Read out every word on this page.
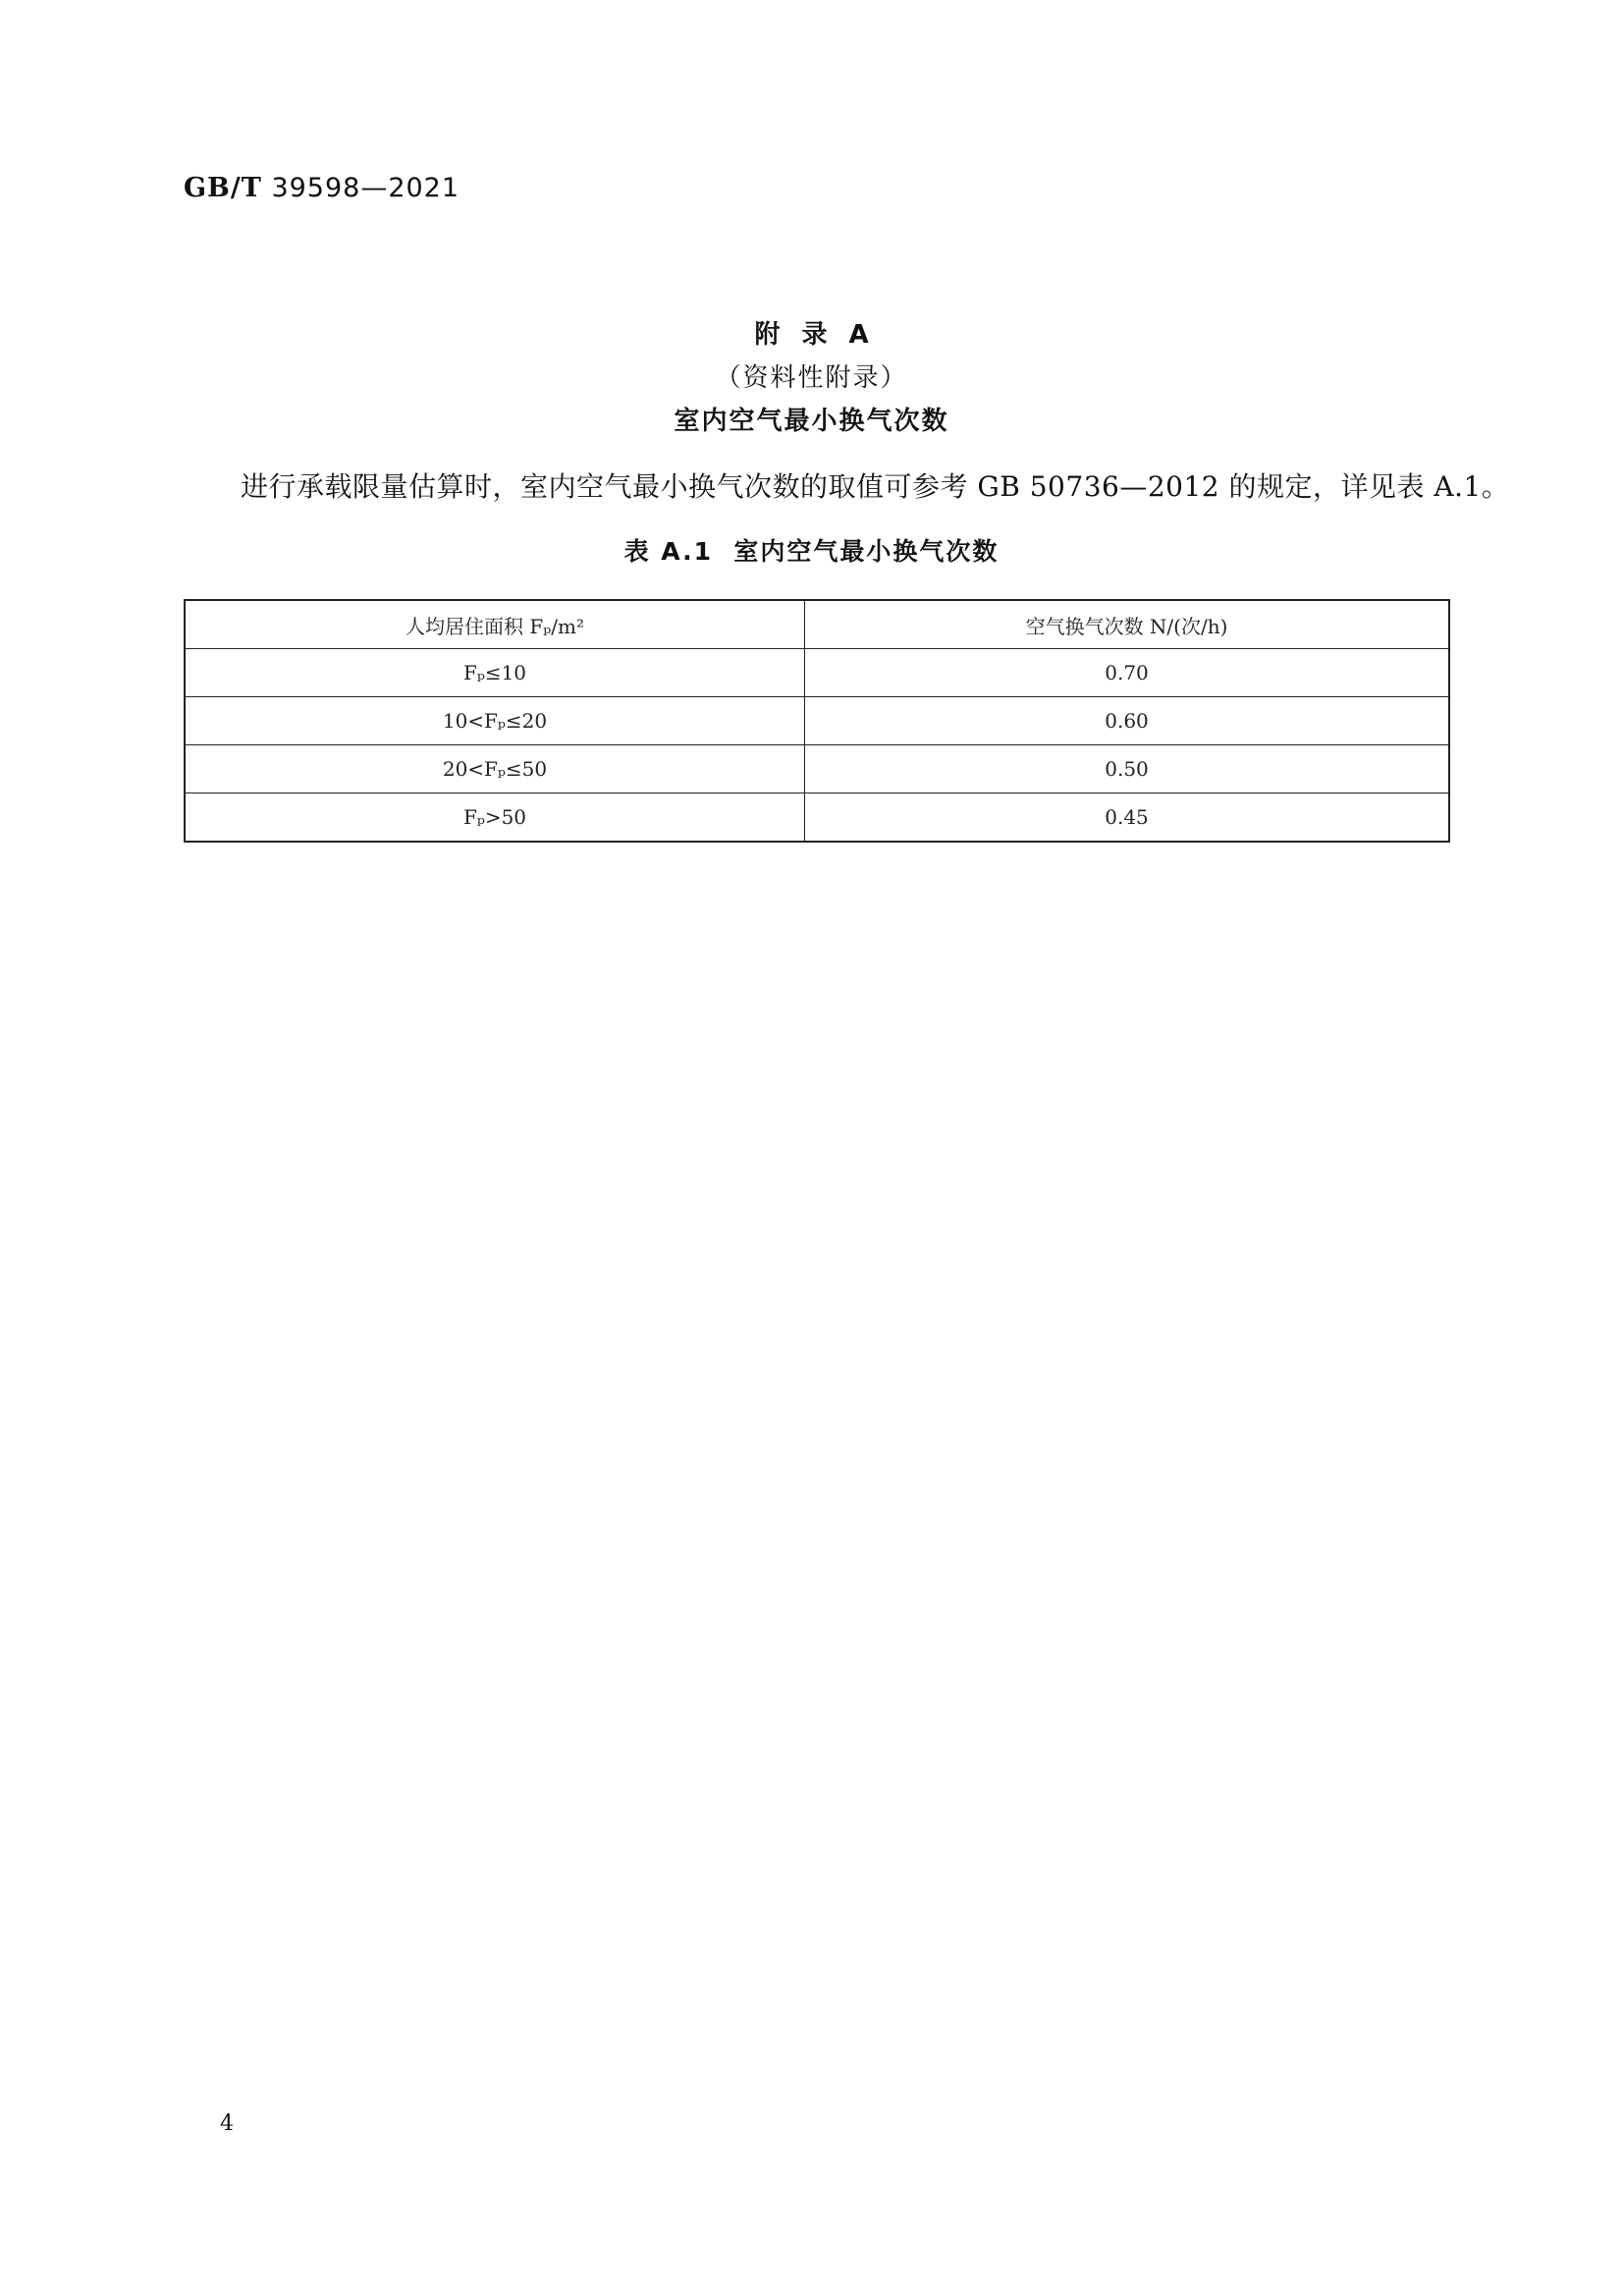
GB/T 39598—2021
附录A
（资料性附录）
室内空气最小换气次数
进行承载限量估算时，室内空气最小换气次数的取值可参考 GB 50736—2012 的规定，详见表 A.1。
表 A.1  室内空气最小换气次数
人均居住面积 Fₚ/m²	空气换气次数 N/(次/h)
Fₚ≤10	0.70
10<Fₚ≤20	0.60
20<Fₚ≤50	0.50
Fₚ>50	0.45
4
